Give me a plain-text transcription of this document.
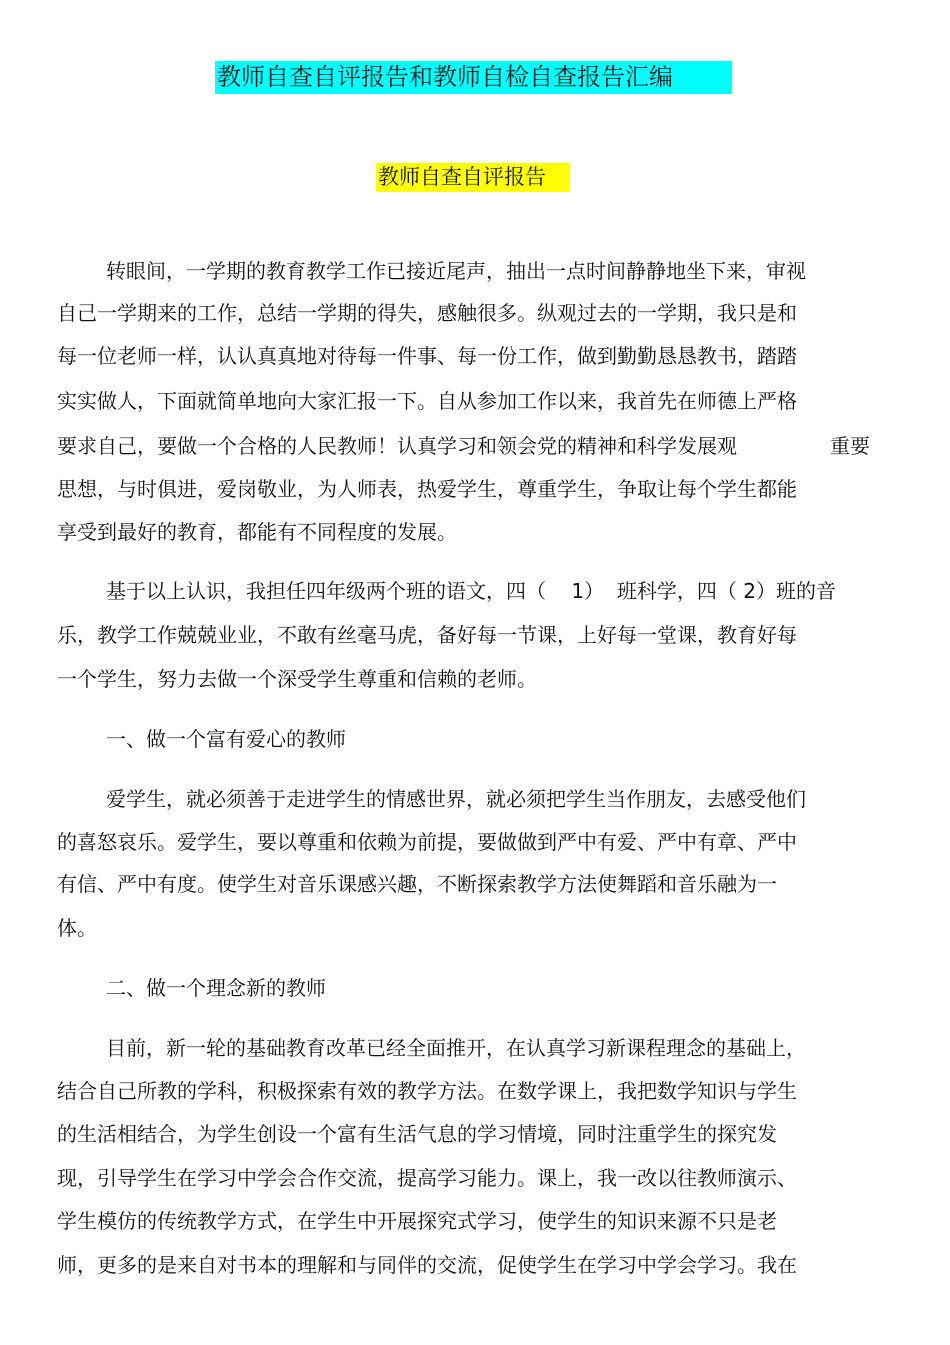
教师自查自评报告和教师自检自查报告汇编
教师自查自评报告
转眼间，一学期的教育教学工作已接近尾声，抽出一点时间静静地坐下来，审视
自己一学期来的工作，总结一学期的得失，感触很多。纵观过去的一学期，我只是和
每一位老师一样，认认真真地对待每一件事、每一份工作，做到勤勤恳恳教书，踏踏
实实做人，下面就简单地向大家汇报一下。自从参加工作以来，我首先在师德上严格
要求自己，要做一个合格的人民教师！认真学习和领会党的精神和科学发展观	重要
思想，与时俱进，爱岗敬业，为人师表，热爱学生，尊重学生，争取让每个学生都能
享受到最好的教育，都能有不同程度的发展。
基于以上认识，我担任四年级两个班的语文，四（    1）  班科学，四（ 2）班的音
乐，教学工作兢兢业业，不敢有丝毫马虎，备好每一节课，上好每一堂课，教育好每
一个学生，努力去做一个深受学生尊重和信赖的老师。
一、做一个富有爱心的教师
爱学生，就必须善于走进学生的情感世界，就必须把学生当作朋友，去感受他们
的喜怒哀乐。爱学生，要以尊重和依赖为前提，要做做到严中有爱、严中有章、严中
有信、严中有度。使学生对音乐课感兴趣，不断探索教学方法使舞蹈和音乐融为一
体。
二、做一个理念新的教师
目前，新一轮的基础教育改革已经全面推开，在认真学习新课程理念的基础上，
结合自己所教的学科，积极探索有效的教学方法。在数学课上，我把数学知识与学生
的生活相结合，为学生创设一个富有生活气息的学习情境，同时注重学生的探究发
现，引导学生在学习中学会合作交流，提高学习能力。课上，我一改以往教师演示、
学生模仿的传统教学方式，在学生中开展探究式学习，使学生的知识来源不只是老
师，更多的是来自对书本的理解和与同伴的交流，促使学生在学习中学会学习。我在
